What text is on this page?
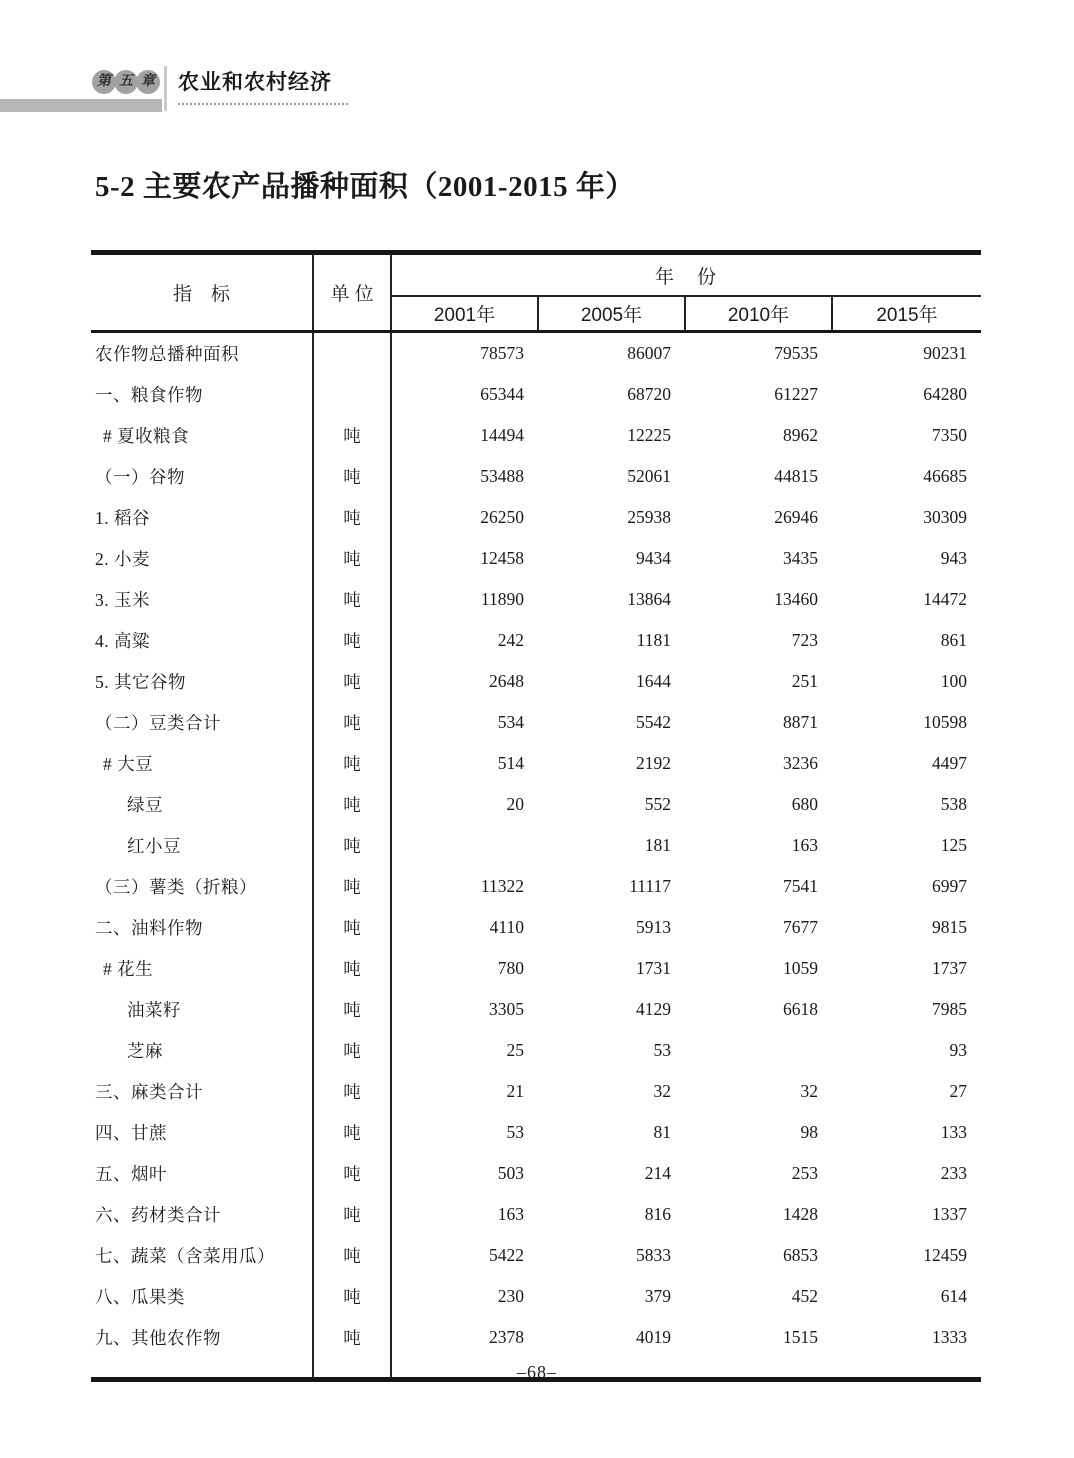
第 五 章 农业和农村经济
5-2 主要农产品播种面积（2001-2015 年）
指　标	单 位	年　份			
		2001年	2005年	2010年	2015年
农作物总播种面积		78573	86007	79535	90231
一、粮食作物		65344	68720	61227	64280
# 夏收粮食	吨	14494	12225	8962	7350
（一）谷物	吨	53488	52061	44815	46685
1. 稻谷	吨	26250	25938	26946	30309
2. 小麦	吨	12458	9434	3435	943
3. 玉米	吨	11890	13864	13460	14472
4. 高粱	吨	242	1181	723	861
5. 其它谷物	吨	2648	1644	251	100
（二）豆类合计	吨	534	5542	8871	10598
# 大豆	吨	514	2192	3236	4497
绿豆	吨	20	552	680	538
红小豆	吨		181	163	125
（三）薯类（折粮）	吨	11322	11117	7541	6997
二、油料作物	吨	4110	5913	7677	9815
# 花生	吨	780	1731	1059	1737
油菜籽	吨	3305	4129	6618	7985
芝麻	吨	25	53		93
三、麻类合计	吨	21	32	32	27
四、甘蔗	吨	53	81	98	133
五、烟叶	吨	503	214	253	233
六、药材类合计	吨	163	816	1428	1337
七、蔬菜（含菜用瓜）	吨	5422	5833	6853	12459
八、瓜果类	吨	230	379	452	614
九、其他农作物	吨	2378	4019	1515	1333

–68–
